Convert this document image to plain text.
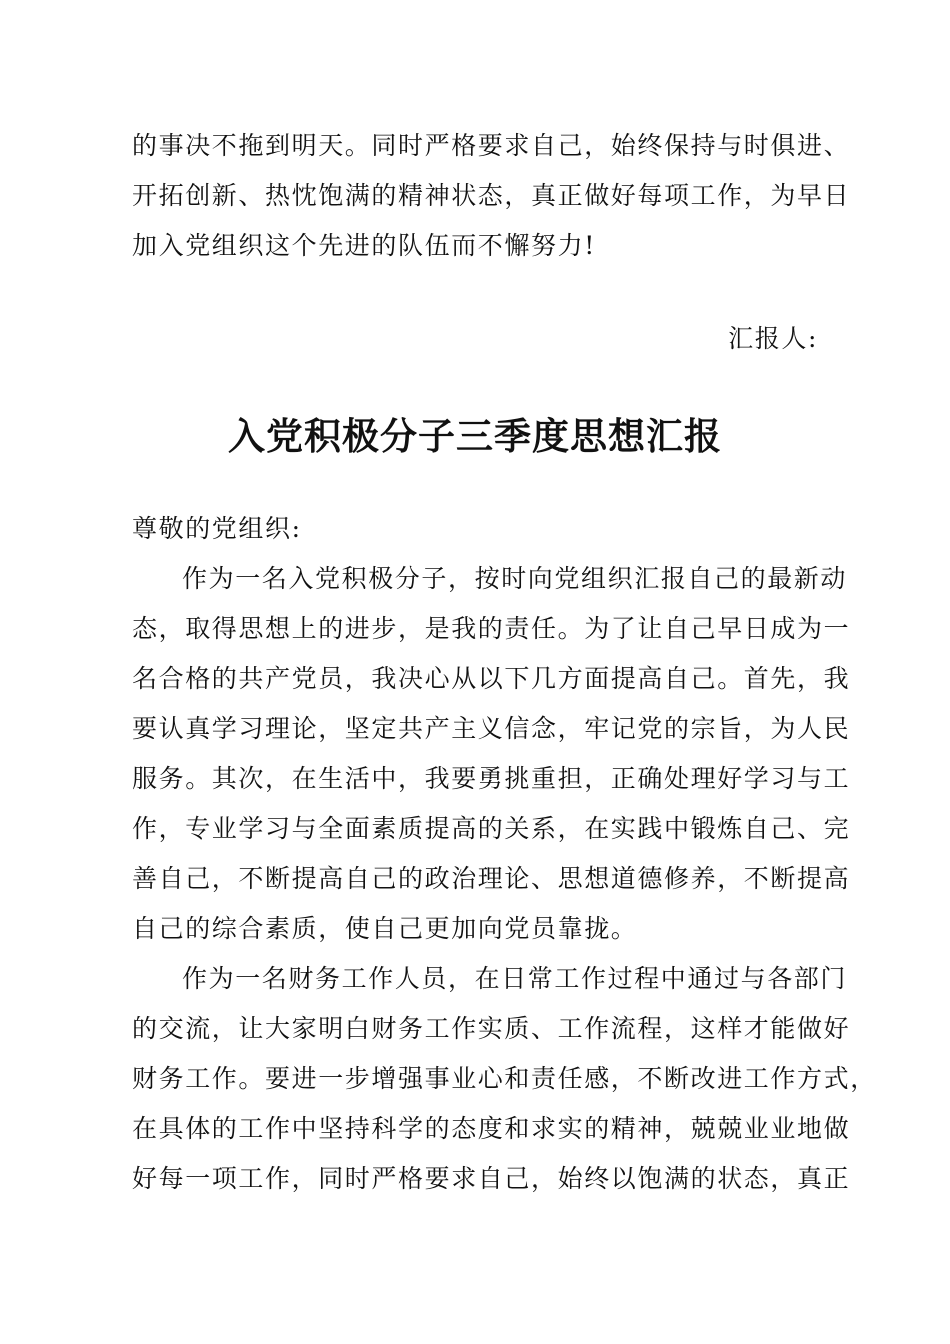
的事决不拖到明天。同时严格要求自己，始终保持与时俱进、
开拓创新、热忱饱满的精神状态，真正做好每项工作，为早日
加入党组织这个先进的队伍而不懈努力!
汇报人:
入党积极分子三季度思想汇报
尊敬的党组织:
作为一名入党积极分子，按时向党组织汇报自己的最新动
态，取得思想上的进步，是我的责任。为了让自己早日成为一
名合格的共产党员，我决心从以下几方面提高自己。首先，我
要认真学习理论，坚定共产主义信念，牢记党的宗旨，为人民
服务。其次，在生活中，我要勇挑重担，正确处理好学习与工
作，专业学习与全面素质提高的关系，在实践中锻炼自己、完
善自己，不断提高自己的政治理论、思想道德修养，不断提高
自己的综合素质，使自己更加向党员靠拢。
作为一名财务工作人员，在日常工作过程中通过与各部门
的交流，让大家明白财务工作实质、工作流程，这样才能做好
财务工作。要进一步增强事业心和责任感，不断改进工作方式，
在具体的工作中坚持科学的态度和求实的精神，兢兢业业地做
好每一项工作，同时严格要求自己，始终以饱满的状态，真正
